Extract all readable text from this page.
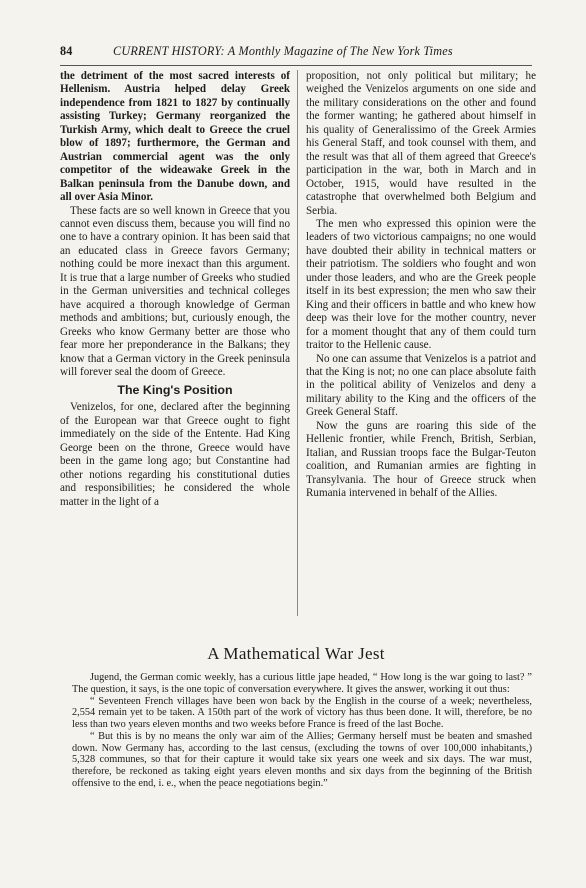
84	CURRENT HISTORY: A Monthly Magazine of The New York Times

the detriment of the most sacred interests of Hellenism. Austria helped delay Greek independence from 1821 to 1827 by continually assisting Turkey; Germany reorganized the Turkish Army, which dealt to Greece the cruel blow of 1897; furthermore, the German and Austrian commercial agent was the only competitor of the wideawake Greek in the Balkan peninsula from the Danube down, and all over Asia Minor.

These facts are so well known in Greece that you cannot even discuss them, because you will find no one to have a contrary opinion. It has been said that an educated class in Greece favors Germany; nothing could be more inexact than this argument. It is true that a large number of Greeks who studied in the German universities and technical colleges have acquired a thorough knowledge of German methods and ambitions; but, curiously enough, the Greeks who know Germany better are those who fear more her preponderance in the Balkans; they know that a German victory in the Greek peninsula will forever seal the doom of Greece.

The King's Position

Venizelos, for one, declared after the beginning of the European war that Greece ought to fight immediately on the side of the Entente. Had King George been on the throne, Greece would have been in the game long ago; but Constantine had other notions regarding his constitutional duties and responsibilities; he considered the whole matter in the light of a

proposition, not only political but military; he weighed the Venizelos arguments on one side and the military considerations on the other and found the former wanting; he gathered about himself in his quality of Generalissimo of the Greek Armies his General Staff, and took counsel with them, and the result was that all of them agreed that Greece's participation in the war, both in March and in October, 1915, would have resulted in the catastrophe that overwhelmed both Belgium and Serbia.

The men who expressed this opinion were the leaders of two victorious campaigns; no one would have doubted their ability in technical matters or their patriotism. The soldiers who fought and won under those leaders, and who are the Greek people itself in its best expression; the men who saw their King and their officers in battle and who knew how deep was their love for the mother country, never for a moment thought that any of them could turn traitor to the Hellenic cause.

No one can assume that Venizelos is a patriot and that the King is not; no one can place absolute faith in the political ability of Venizelos and deny a military ability to the King and the officers of the Greek General Staff.

Now the guns are roaring this side of the Hellenic frontier, while French, British, Serbian, Italian, and Russian troops face the Bulgar-Teuton coalition, and Rumanian armies are fighting in Transylvania. The hour of Greece struck when Rumania intervened in behalf of the Allies.

A Mathematical War Jest

Jugend, the German comic weekly, has a curious little jape headed, “ How long is the war going to last? ” The question, it says, is the one topic of conversation everywhere. It gives the answer, working it out thus:

“ Seventeen French villages have been won back by the English in the course of a week; nevertheless, 2,554 remain yet to be taken. A 150th part of the work of victory has thus been done. It will, therefore, be no less than two years eleven months and two weeks before France is freed of the last Boche.

“ But this is by no means the only war aim of the Allies; Germany herself must be beaten and smashed down. Now Germany has, according to the last census, (excluding the towns of over 100,000 inhabitants,) 5,328 communes, so that for their capture it would take six years one week and six days. The war must, therefore, be reckoned as taking eight years eleven months and six days from the beginning of the British offensive to the end, i. e., when the peace negotiations begin.”
